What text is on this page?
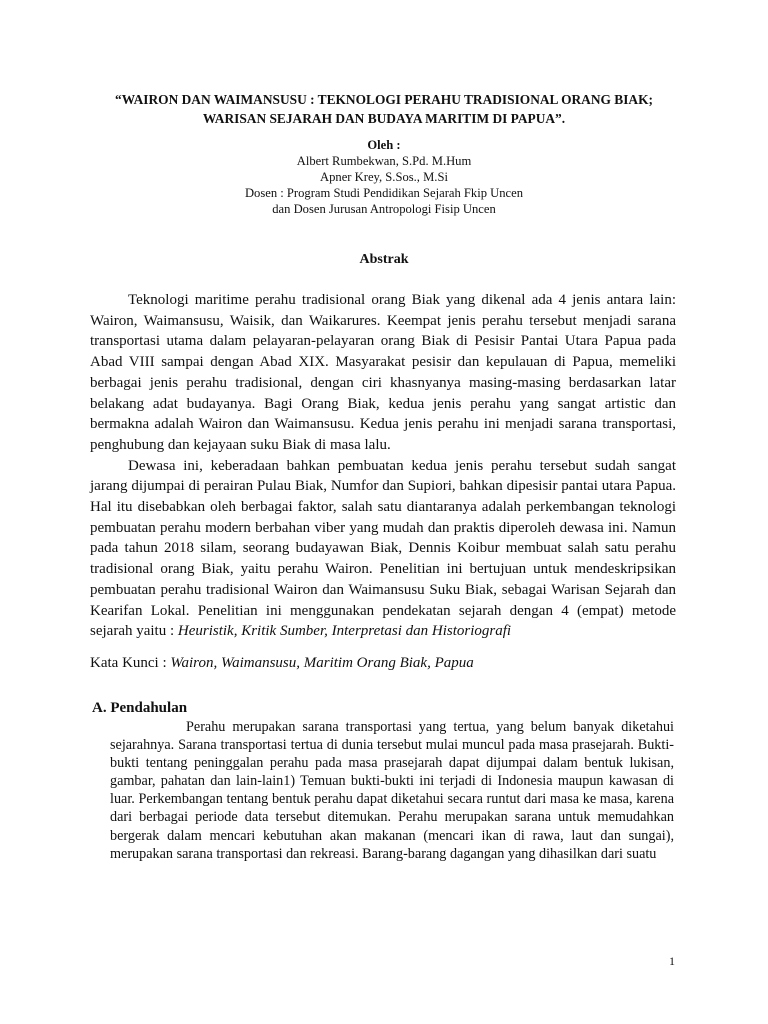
“WAIRON DAN WAIMANSUSU : TEKNOLOGI PERAHU TRADISIONAL ORANG BIAK;
WARISAN SEJARAH DAN BUDAYA MARITIM DI PAPUA”.
Oleh :
Albert Rumbekwan, S.Pd. M.Hum
Apner Krey, S.Sos., M.Si
Dosen : Program Studi Pendidikan Sejarah Fkip Uncen
dan Dosen Jurusan Antropologi Fisip Uncen
Abstrak

Teknologi maritime perahu tradisional orang Biak yang dikenal ada 4 jenis antara lain: Wairon, Waimansusu, Waisik, dan Waikarures. Keempat jenis perahu tersebut menjadi sarana transportasi utama dalam pelayaran-pelayaran orang Biak di Pesisir Pantai Utara Papua pada Abad VIII sampai dengan Abad XIX. Masyarakat pesisir dan kepulauan di Papua, memeliki berbagai jenis perahu tradisional, dengan ciri khasnyanya masing-masing berdasarkan latar belakang adat budayanya. Bagi Orang Biak, kedua jenis perahu yang sangat artistic dan bermakna adalah Wairon dan Waimansusu. Kedua jenis perahu ini menjadi sarana transportasi, penghubung dan kejayaan suku Biak di masa lalu.

Dewasa ini, keberadaan bahkan pembuatan kedua jenis perahu tersebut sudah sangat jarang dijumpai di perairan Pulau Biak, Numfor dan Supiori, bahkan dipesisir pantai utara Papua. Hal itu disebabkan oleh berbagai faktor, salah satu diantaranya adalah perkembangan teknologi pembuatan perahu modern berbahan viber yang mudah dan praktis diperoleh dewasa ini. Namun pada tahun 2018 silam, seorang budayawan Biak, Dennis Koibur membuat salah satu perahu tradisional orang Biak, yaitu perahu Wairon. Penelitian ini bertujuan untuk mendeskripsikan pembuatan perahu tradisional Wairon dan Waimansusu Suku Biak, sebagai Warisan Sejarah dan Kearifan Lokal. Penelitian ini menggunakan pendekatan sejarah dengan 4 (empat) metode sejarah yaitu : Heuristik, Kritik Sumber, Interpretasi dan Historiografi

Kata Kunci : Wairon, Waimansusu, Maritim Orang Biak, Papua
A. Pendahulan

Perahu merupakan sarana transportasi yang tertua, yang belum banyak diketahui sejarahnya. Sarana transportasi tertua di dunia tersebut mulai muncul pada masa prasejarah. Bukti-bukti tentang peninggalan perahu pada masa prasejarah dapat dijumpai dalam bentuk lukisan, gambar, pahatan dan lain-lain1) Temuan bukti-bukti ini terjadi di Indonesia maupun kawasan di luar. Perkembangan tentang bentuk perahu dapat diketahui secara runtut dari masa ke masa, karena dari berbagai periode data tersebut ditemukan. Perahu merupakan sarana untuk memudahkan bergerak dalam mencari kebutuhan akan makanan (mencari ikan di rawa, laut dan sungai), merupakan sarana transportasi dan rekreasi. Barang-barang dagangan yang dihasilkan dari suatu

1
